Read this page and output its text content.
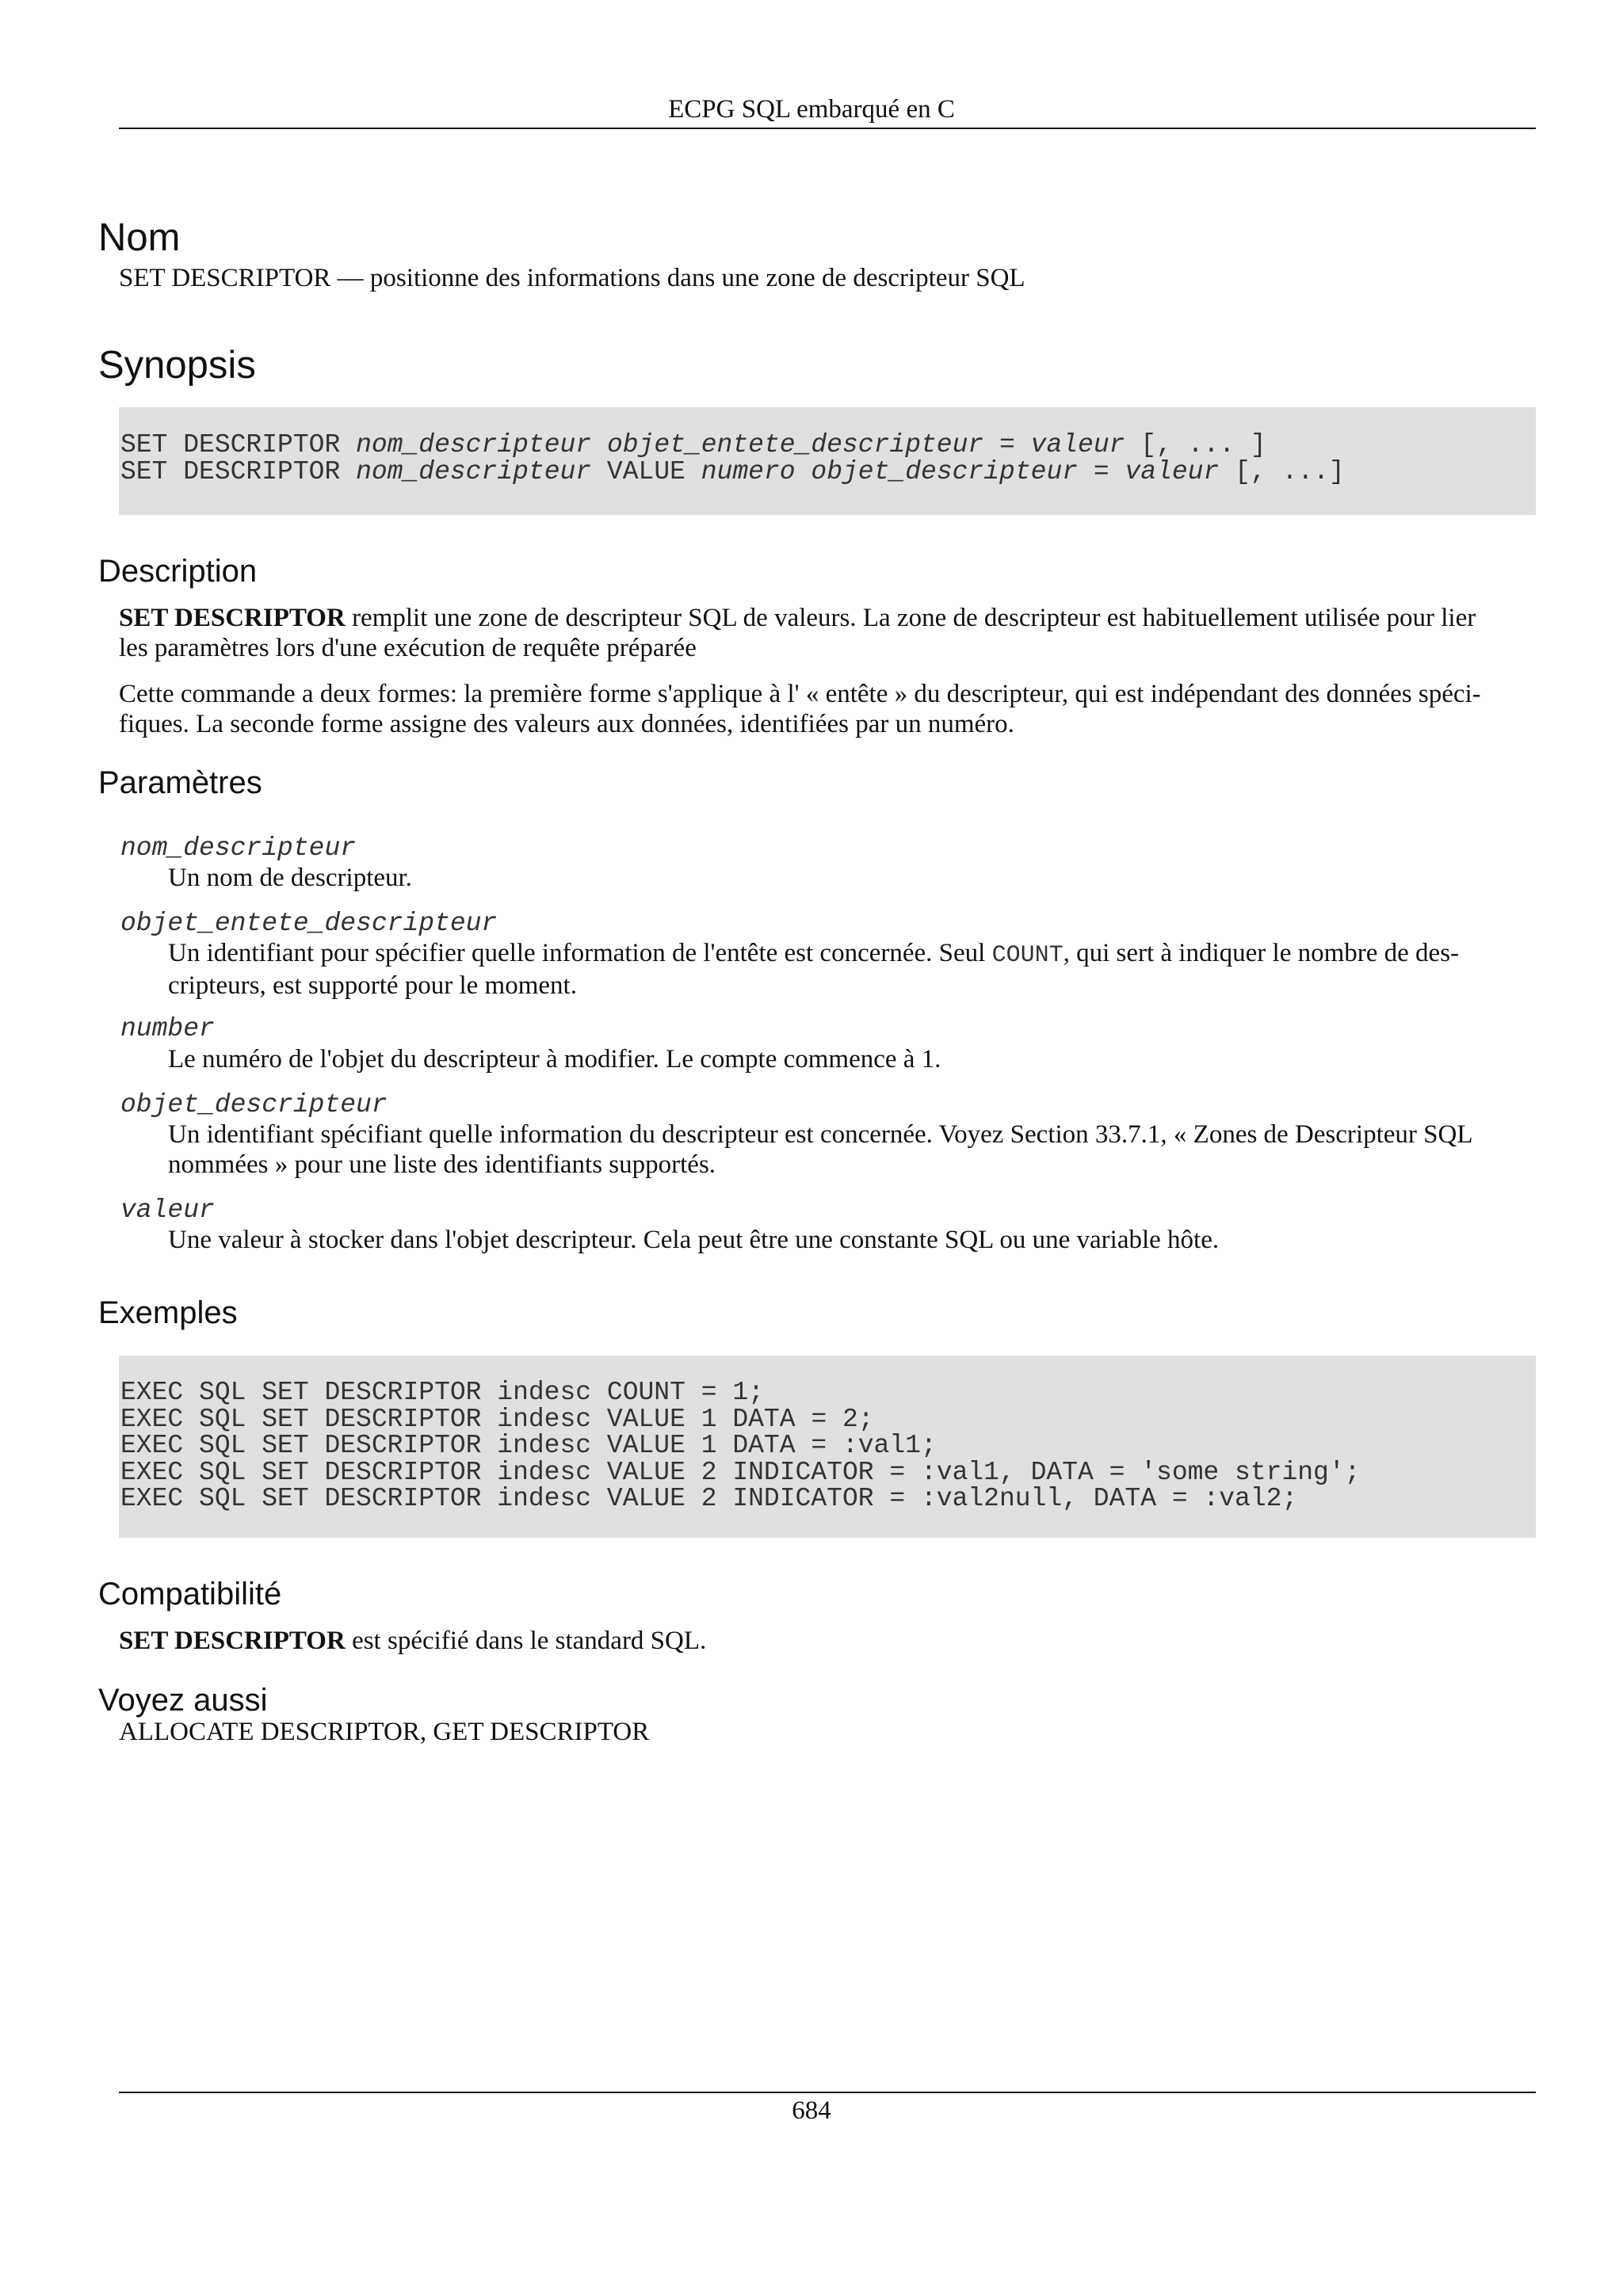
ECPG SQL embarqué en C
Nom

SET DESCRIPTOR — positionne des informations dans une zone de descripteur SQL

Synopsis
SET DESCRIPTOR nom_descripteur objet_entete_descripteur = valeur [, ... ]
SET DESCRIPTOR nom_descripteur VALUE numero objet_descripteur = valeur [, ...]
Description
SET DESCRIPTOR remplit une zone de descripteur SQL de valeurs. La zone de descripteur est habituellement utilisée pour lier
les paramètres lors d'une exécution de requête préparée
Cette commande a deux formes: la première forme s'applique à l' « entête » du descripteur, qui est indépendant des données spéci-
fiques. La seconde forme assigne des valeurs aux données, identifiées par un numéro.
Paramètres
nom_descripteur
Un nom de descripteur.
objet_entete_descripteur
Un identifiant pour spécifier quelle information de l'entête est concernée. Seul COUNT, qui sert à indiquer le nombre de des-
cripteurs, est supporté pour le moment.
number
Le numéro de l'objet du descripteur à modifier. Le compte commence à 1.
objet_descripteur
Un identifiant spécifiant quelle information du descripteur est concernée. Voyez Section 33.7.1, « Zones de Descripteur SQL
nommées » pour une liste des identifiants supportés.
valeur
Une valeur à stocker dans l'objet descripteur. Cela peut être une constante SQL ou une variable hôte.
Exemples
EXEC SQL SET DESCRIPTOR indesc COUNT = 1;
EXEC SQL SET DESCRIPTOR indesc VALUE 1 DATA = 2;
EXEC SQL SET DESCRIPTOR indesc VALUE 1 DATA = :val1;
EXEC SQL SET DESCRIPTOR indesc VALUE 2 INDICATOR = :val1, DATA = 'some string';
EXEC SQL SET DESCRIPTOR indesc VALUE 2 INDICATOR = :val2null, DATA = :val2;
Compatibilité
SET DESCRIPTOR est spécifié dans le standard SQL.
Voyez aussi
ALLOCATE DESCRIPTOR, GET DESCRIPTOR
684
